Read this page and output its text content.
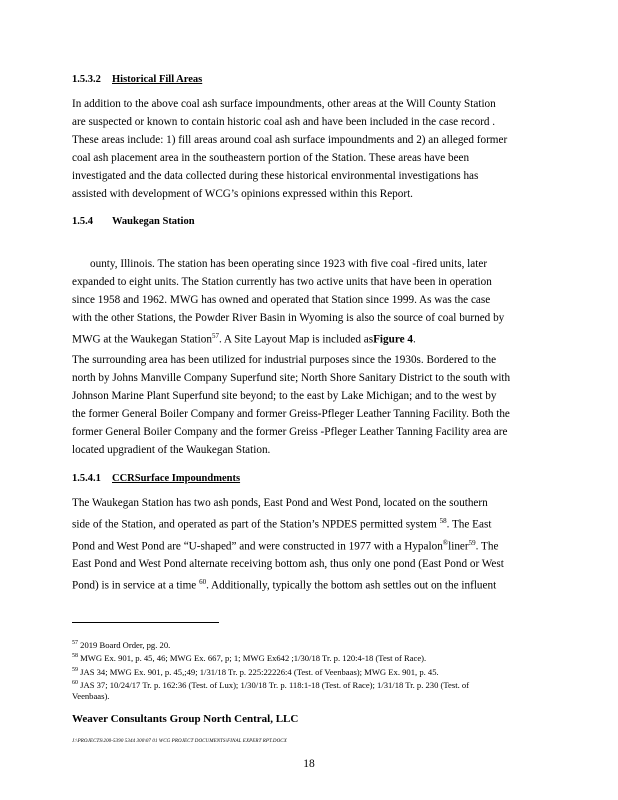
1.5.3.2 Historical Fill Areas
In addition to the above coal ash surface impoundments, other areas at the Will County Station
are suspected or known to contain historic coal ash and have been included in the case record .
These areas include: 1) fill areas around coal ash surface impoundments and 2) an alleged former
coal ash placement area in the southeastern portion of the Station. These areas have been
investigated and the data collected during these historical environmental investigations has
assisted with development of WCG’s opinions expressed within this Report.
1.5.4 Waukegan Station
ounty, Illinois. The station has been operating since 1923 with five coal -fired units, later
expanded to eight units. The Station currently has two active units that have been in operation
since 1958 and 1962. MWG has owned and operated that Station since 1999. As was the case
with the other Stations, the Powder River Basin in Wyoming is also the source of coal burned by
MWG at the Waukegan Station$^{57}$. A Site Layout Map is included asFigure 4.
The surrounding area has been utilized for industrial purposes since the 1930s. Bordered to the
north by Johns Manville Company Superfund site; North Shore Sanitary District to the south with
Johnson Marine Plant Superfund site beyond; to the east by Lake Michigan; and to the west by
the former General Boiler Company and former Greiss-Pfleger Leather Tanning Facility. Both the
former General Boiler Company and the former Greiss -Pfleger Leather Tanning Facility area are
located upgradient of the Waukegan Station.
1.5.4.1 CCRSurface Impoundments
The Waukegan Station has two ash ponds, East Pond and West Pond, located on the southern
side of the Station, and operated as part of the Station’s NPDES permitted system $^{58}$. The East
Pond and West Pond are “U-shaped” and were constructed in 1977 with a Hypalon®liner$^{59}$. The
East Pond and West Pond alternate receiving bottom ash, thus only one pond (East Pond or West
Pond) is in service at a time $^{60}$. Additionally, typically the bottom ash settles out on the influent
$^{57}$ 2019 Board Order, pg. 20.
$^{58}$ MWG Ex. 901, p. 45, 46; MWG Ex. 667, p; 1; MWG Ex642 ;1/30/18 Tr. p. 120:4-18 (Test of Race).
$^{59}$ JAS 34; MWG Ex. 901, p. 45,;49; 1/31/18 Tr. p. 225:22226:4 (Test. of Veenbaas); MWG Ex. 901, p. 45.
$^{60}$ JAS 37; 10/24/17 Tr. p. 162:36 (Test. of Lux); 1/30/18 Tr. p. 118:1-18 (Test. of Race); 1/31/18 Tr. p. 230 (Test. of
Veenbaas).
Weaver Consultants Group North Central, LLC
J:\PROJECTS\200-5390 5344 300\07 01 WCG PROJECT DOCUMENTS\FINAL EXPERT RPT.DOCX
18
